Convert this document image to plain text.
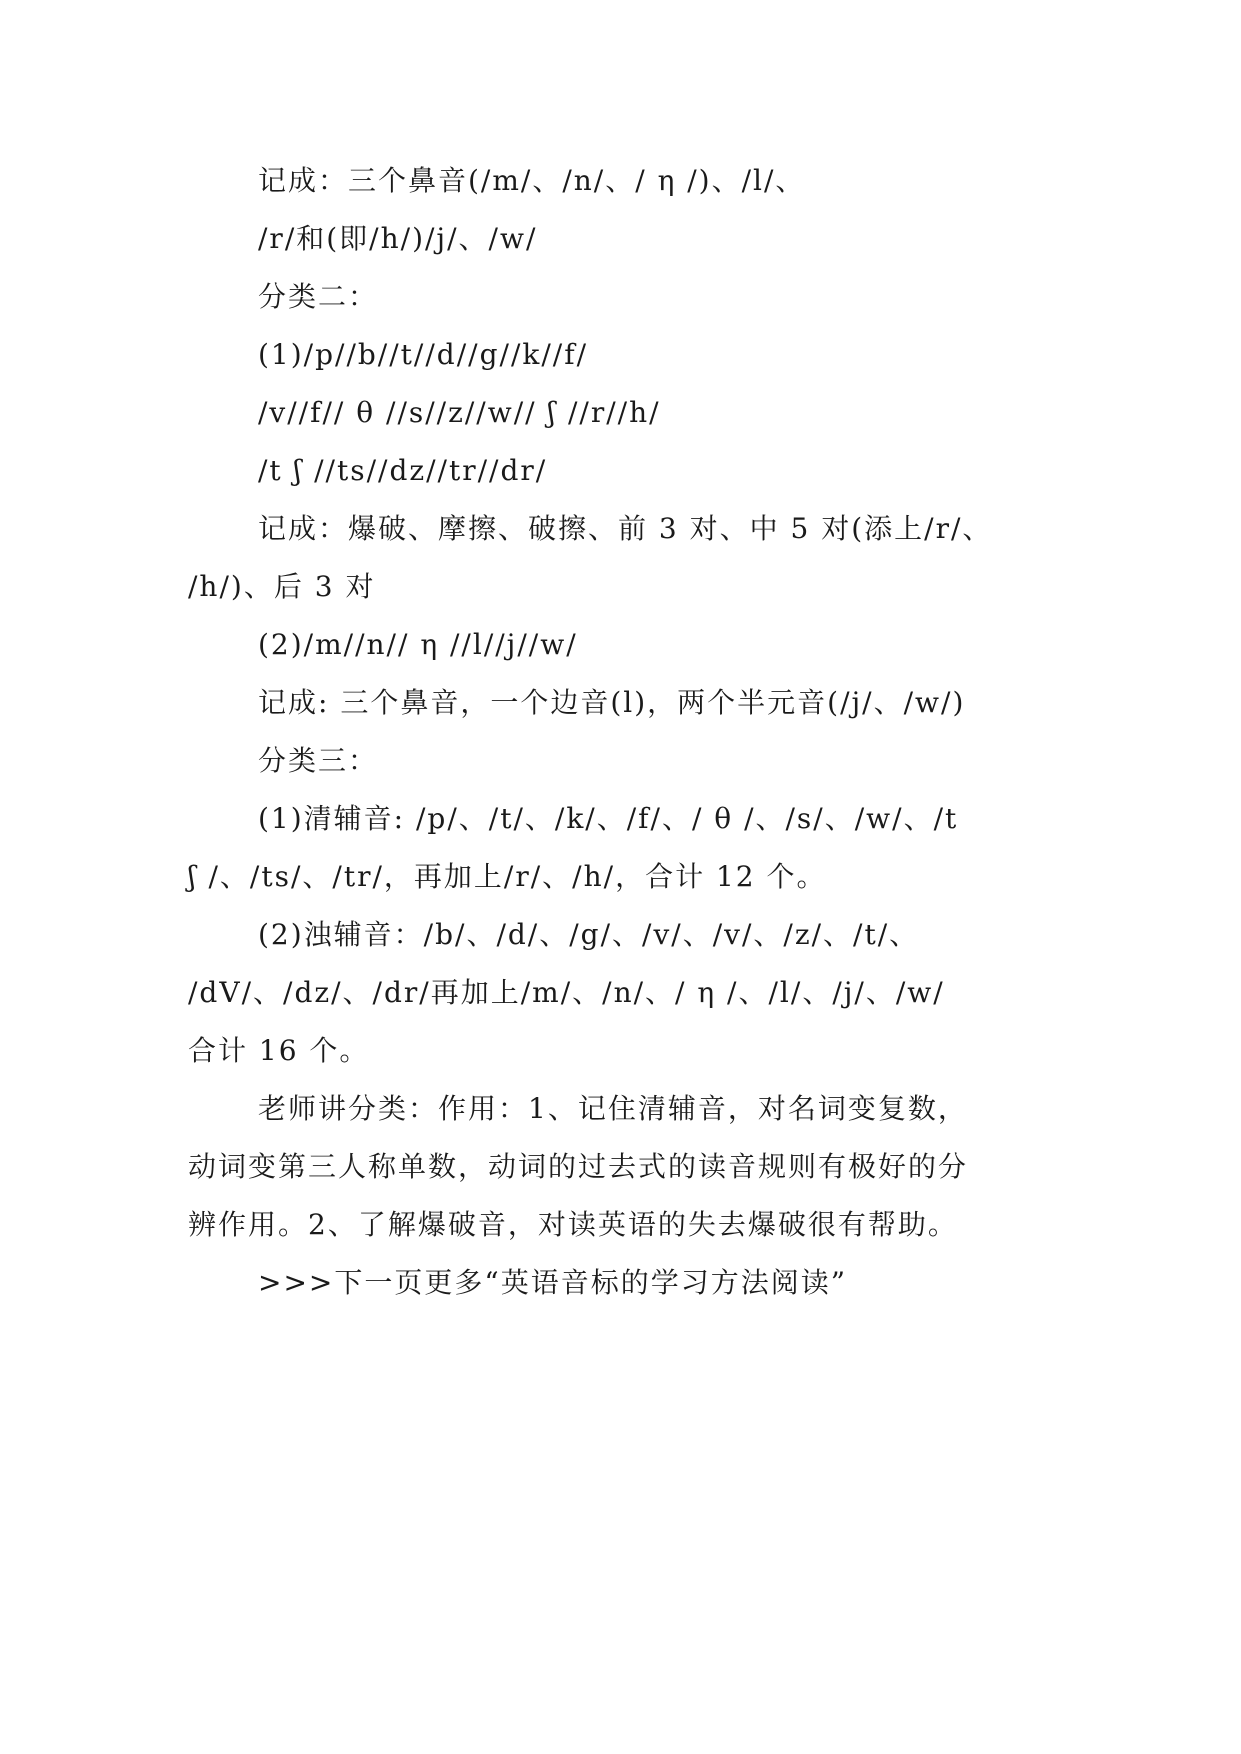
记成：三个鼻音(/m/、/n/、/ η /)、/l/、
/r/和(即/h/)/j/、/w/
分类二：
(1)/p//b//t//d//g//k//f/
/v//f// θ //s//z//w// ʃ //r//h/
/t ʃ //ts//dz//tr//dr/
记成：爆破、摩擦、破擦、前 3 对、中 5 对(添上/r/、
/h/)、后 3 对
(2)/m//n// η //l//j//w/
记成: 三个鼻音，一个边音(l)，两个半元音(/j/、/w/)
分类三：
(1)清辅音: /p/、/t/、/k/、/f/、/ θ /、/s/、/w/、/t
ʃ /、/ts/、/tr/，再加上/r/、/h/，合计 12 个。
(2)浊辅音：/b/、/d/、/g/、/v/、/v/、/z/、/t/、
/dV/、/dz/、/dr/再加上/m/、/n/、/ η /、/l/、/j/、/w/
合计 16 个。
老师讲分类：作用：1、记住清辅音，对名词变复数，
动词变第三人称单数，动词的过去式的读音规则有极好的分
辨作用。2、了解爆破音，对读英语的失去爆破很有帮助。
>>>下一页更多“英语音标的学习方法阅读”
